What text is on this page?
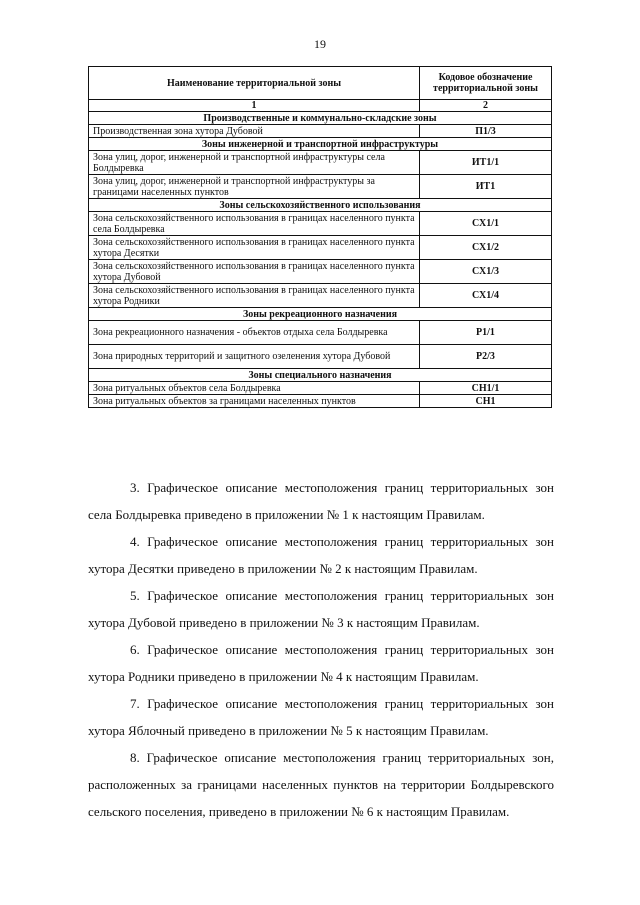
19
Наименование территориальной зоны	Кодовое обозначение территориальной зоны
1	2
Производственные и коммунально-складские зоны	
Производственная зона хутора Дубовой	П1/3
Зоны инженерной и транспортной инфраструктуры	
Зона улиц, дорог, инженерной и транспортной инфраструктуры села Болдыревка	ИТ1/1
Зона улиц, дорог, инженерной и транспортной инфраструктуры за границами населенных пунктов	ИТ1
Зоны сельскохозяйственного использования	
Зона сельскохозяйственного использования в границах населенного пункта села Болдыревка	СХ1/1
Зона сельскохозяйственного использования в границах населенного пункта хутора Десятки	СХ1/2
Зона сельскохозяйственного использования в границах населенного пункта хутора Дубовой	СХ1/3
Зона сельскохозяйственного использования в границах населенного пункта хутора Родники	СХ1/4
Зоны рекреационного назначения	
Зона рекреационного назначения - объектов отдыха села Болдыревка	Р1/1
Зона природных территорий и защитного озеленения хутора Дубовой	Р2/3
Зоны специального назначения	
Зона ритуальных объектов села Болдыревка	СН1/1
Зона ритуальных объектов за границами населенных пунктов	СН1

3. Графическое описание местоположения границ территориальных зон села Болдыревка приведено в приложении № 1 к настоящим Правилам.

4. Графическое описание местоположения границ территориальных зон хутора Десятки приведено в приложении № 2 к настоящим Правилам.

5. Графическое описание местоположения границ территориальных зон хутора Дубовой приведено в приложении № 3 к настоящим Правилам.

6. Графическое описание местоположения границ территориальных зон хутора Родники приведено в приложении № 4 к настоящим Правилам.

7. Графическое описание местоположения границ территориальных зон хутора Яблочный приведено в приложении № 5 к настоящим Правилам.

8. Графическое описание местоположения границ территориальных зон, расположенных за границами населенных пунктов на территории Болдыревского сельского поселения, приведено в приложении № 6 к настоящим Правилам.
